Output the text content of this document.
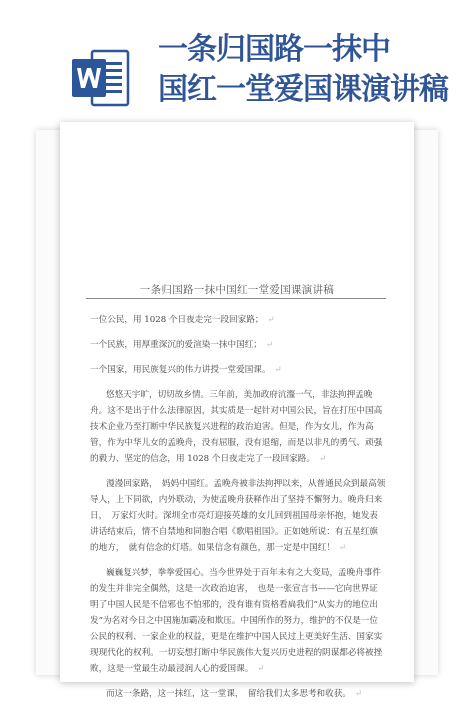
一条归国路一抹中
国红一堂爱国课演讲稿
一条归国路一抹中国红一堂爱国课演讲稿

一位公民，用 1028 个日夜走完一段回家路； ↵

一个民族，用厚重深沉的爱渲染一抹中国红； ↵

一个国家，用民族复兴的伟力讲授一堂爱国课。 ↵

悠悠天宇旷，切切故乡情。三年前，美加政府沆瀣一气，非法拘押孟晚舟。这不是出于什么法律原因，其实质是一起针对中国公民，旨在打压中国高技术企业乃至打断中华民族复兴进程的政治迫害。但是，作为女儿，作为高管，作为中华儿女的孟晚舟，没有屈服，没有退缩，而是以非凡的勇气、顽强的毅力、坚定的信念，用 1028 个日夜走完了一段回家路。 ↵

漫漫回家路，　妈妈中国红。孟晚舟被非法拘押以来，从普通民众到最高领导人，上下同欲，内外联动，为使孟晚舟获释作出了坚持不懈努力。晚舟归来日，　万家灯火时。深圳全市亮灯迎接英雄的女儿回到祖国母亲怀抱，她发表讲话结束后，情不自禁地和同胞合唱《歌唱祖国》。正如她所说：有五星红旗的地方，　就有信念的灯塔。如果信念有颜色，那一定是中国红！ ↵

巍巍复兴梦，拳拳爱国心。当今世界处于百年未有之大变局，孟晚舟事件的发生并非完全偶然，这是一次政治迫害，　也是一张宣言书——它向世界证明了中国人民是不信邪也不怕邪的，没有谁有资格看扁我们“从实力的地位出发”为名对今日之中国施加霸凌和欺压。中国所作的努力，维护的不仅是一位公民的权利、一家企业的权益，更是在维护中国人民过上更美好生活、国家实现现代化的权利。一切妄想打断中华民族伟大复兴历史进程的阴谋都必将被挫败，这是一堂最生动最浸润人心的爱国课。 ↵

而这一条路，这一抹红，这一堂课，　留给我们太多思考和收获。 ↵
